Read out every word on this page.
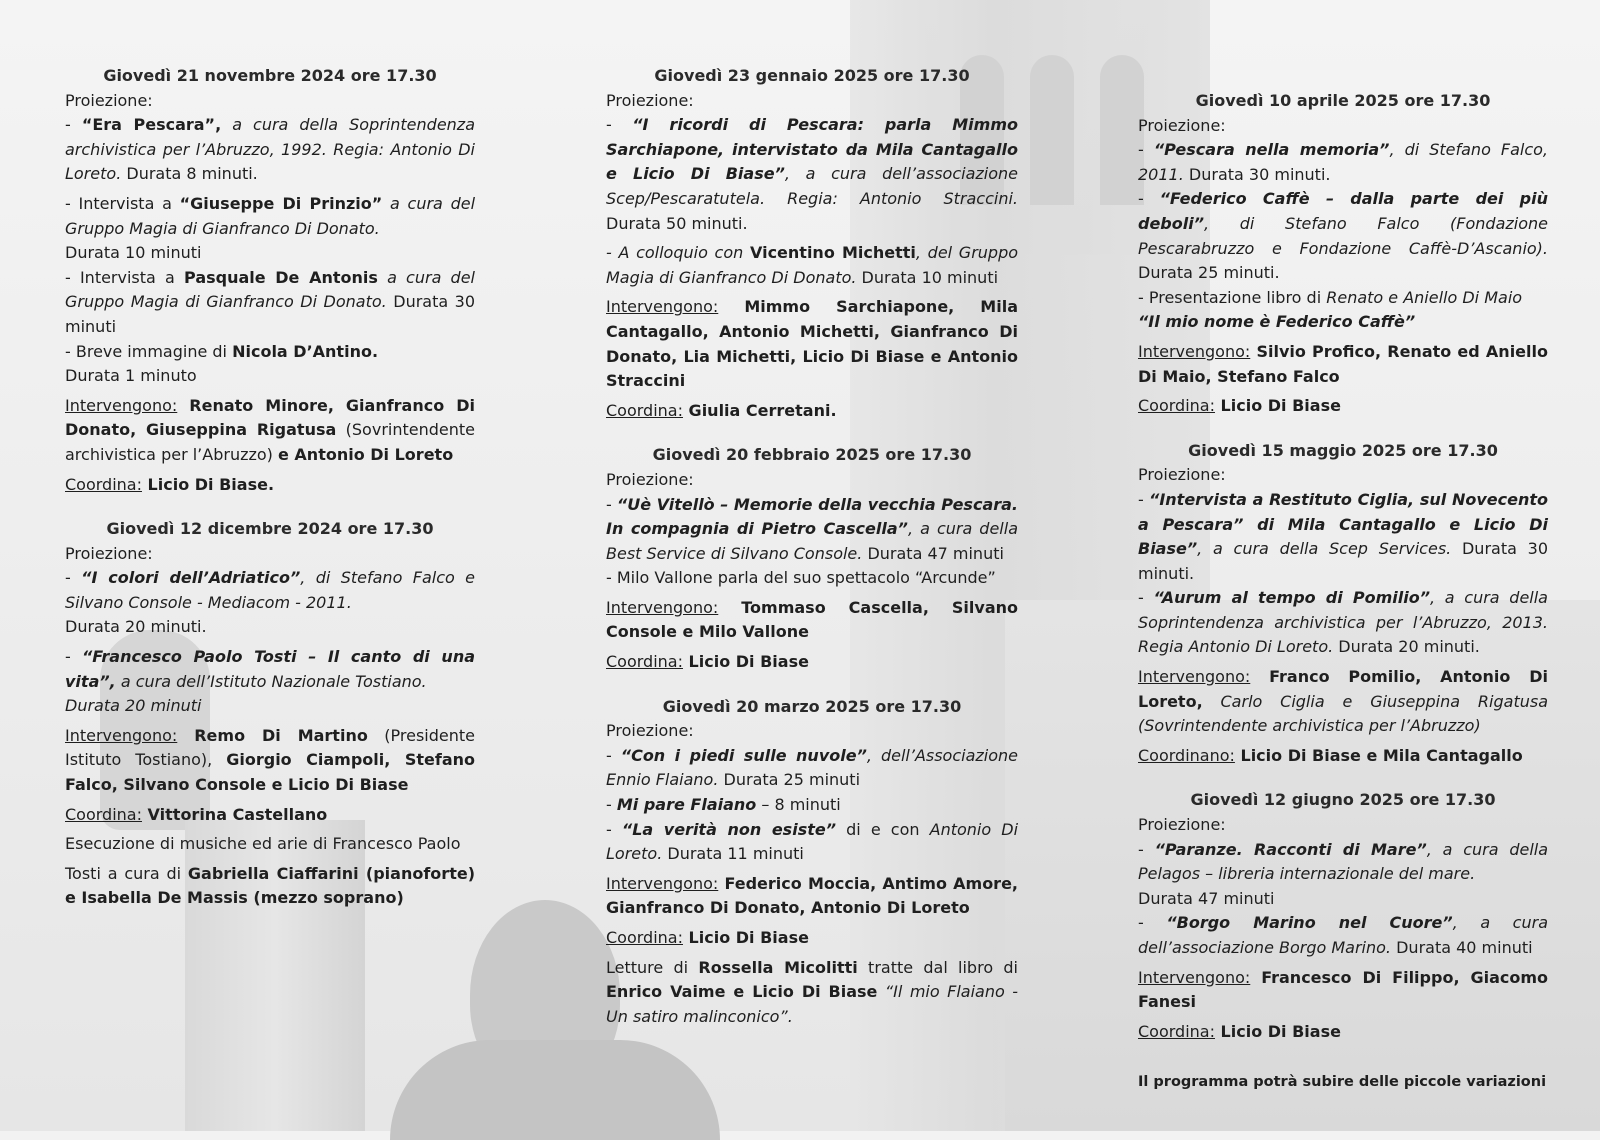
Giovedì 21 novembre 2024 ore 17.30

Proiezione:

- “Era Pescara”, a cura della Soprintendenza archivistica per l’Abruzzo, 1992. Regia: Antonio Di Loreto. Durata 8 minuti.

- Intervista a “Giuseppe Di Prinzio” a cura del Gruppo Magia di Gianfranco Di Donato.
Durata 10 minuti

- Intervista a Pasquale De Antonis a cura del Gruppo Magia di Gianfranco Di Donato. Durata 30 minuti

- Breve immagine di Nicola D’Antino.
Durata 1 minuto

Intervengono: Renato Minore, Gianfranco Di Donato, Giuseppina Rigatusa (Sovrintendente archivistica per l’Abruzzo) e Antonio Di Loreto

Coordina: Licio Di Biase.

Giovedì 12 dicembre 2024 ore 17.30

Proiezione:

- “I colori dell’Adriatico”, di Stefano Falco e Silvano Console - Mediacom - 2011.
Durata 20 minuti.

- “Francesco Paolo Tosti – Il canto di una vita”, a cura dell’Istituto Nazionale Tostiano.
Durata 20 minuti

Intervengono: Remo Di Martino (Presidente Istituto Tostiano), Giorgio Ciampoli, Stefano Falco, Silvano Console e Licio Di Biase

Coordina: Vittorina Castellano

Esecuzione di musiche ed arie di Francesco Paolo

Tosti a cura di Gabriella Ciaffarini (pianoforte) e Isabella De Massis (mezzo soprano)

Giovedì 23 gennaio 2025 ore 17.30

Proiezione:

- “I ricordi di Pescara: parla Mimmo Sarchiapone, intervistato da Mila Cantagallo e Licio Di Biase”, a cura dell’associazione Scep/Pescaratutela. Regia: Antonio Straccini. Durata 50 minuti.

- A colloquio con Vicentino Michetti, del Gruppo Magia di Gianfranco Di Donato. Durata 10 minuti

Intervengono: Mimmo Sarchiapone, Mila Cantagallo, Antonio Michetti, Gianfranco Di Donato, Lia Michetti, Licio Di Biase e Antonio Straccini

Coordina: Giulia Cerretani.

Giovedì 20 febbraio 2025 ore 17.30

Proiezione:

- “Uè Vitellò – Memorie della vecchia Pescara. In compagnia di Pietro Cascella”, a cura della Best Service di Silvano Console. Durata 47 minuti

- Milo Vallone parla del suo spettacolo “Arcunde”

Intervengono: Tommaso Cascella, Silvano Console e Milo Vallone

Coordina: Licio Di Biase

Giovedì 20 marzo 2025 ore 17.30

Proiezione:

- “Con i piedi sulle nuvole”, dell’Associazione Ennio Flaiano. Durata 25 minuti

- Mi pare Flaiano – 8 minuti

- “La verità non esiste” di e con Antonio Di Loreto. Durata 11 minuti

Intervengono: Federico Moccia, Antimo Amore, Gianfranco Di Donato, Antonio Di Loreto

Coordina: Licio Di Biase

Letture di Rossella Micolitti tratte dal libro di Enrico Vaime e Licio Di Biase “Il mio Flaiano - Un satiro malinconico”.

Giovedì 10 aprile 2025 ore 17.30

Proiezione:

- “Pescara nella memoria”, di Stefano Falco, 2011. Durata 30 minuti.

- “Federico Caffè – dalla parte dei più deboli”, di Stefano Falco (Fondazione Pescarabruzzo e Fondazione Caffè-D’Ascanio). Durata 25 minuti.

- Presentazione libro di Renato e Aniello Di Maio
“Il mio nome è Federico Caffè”

Intervengono: Silvio Profico, Renato ed Aniello Di Maio, Stefano Falco

Coordina: Licio Di Biase

Giovedì 15 maggio 2025 ore 17.30

Proiezione:

- “Intervista a Restituto Ciglia, sul Novecento a Pescara” di Mila Cantagallo e Licio Di Biase”, a cura della Scep Services. Durata 30 minuti.

- “Aurum al tempo di Pomilio”, a cura della Soprintendenza archivistica per l’Abruzzo, 2013. Regia Antonio Di Loreto. Durata 20 minuti.

Intervengono: Franco Pomilio, Antonio Di Loreto, Carlo Ciglia e Giuseppina Rigatusa (Sovrintendente archivistica per l’Abruzzo)

Coordinano: Licio Di Biase e Mila Cantagallo

Giovedì 12 giugno 2025 ore 17.30

Proiezione:

- “Paranze. Racconti di Mare”, a cura della Pelagos – libreria internazionale del mare.
Durata 47 minuti

- “Borgo Marino nel Cuore”, a cura dell’associazione Borgo Marino. Durata 40 minuti

Intervengono: Francesco Di Filippo, Giacomo Fanesi

Coordina: Licio Di Biase

Il programma potrà subire delle piccole variazioni
